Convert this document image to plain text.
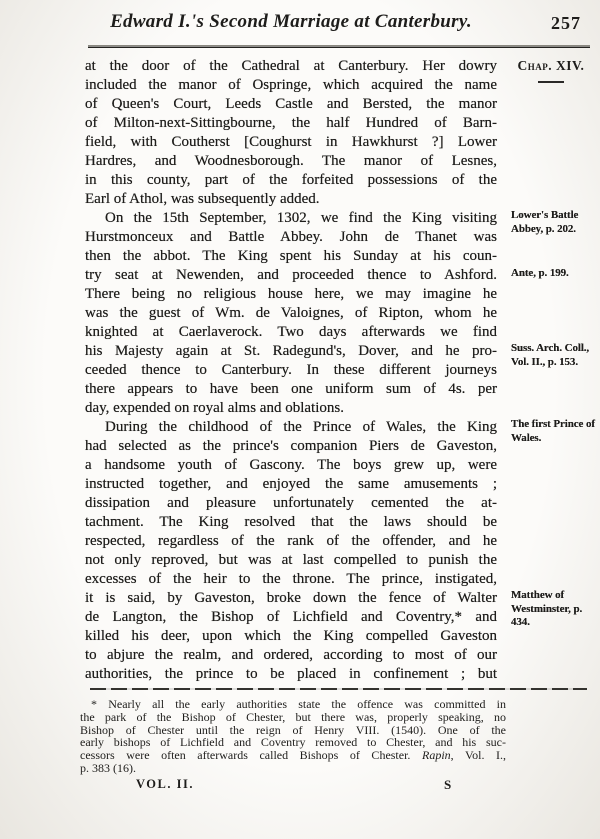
Edward I.'s Second Marriage at Canterbury.	257
at the door of the Cathedral at Canterbury. Her dowry
included the manor of Ospringe, which acquired the name
of Queen's Court, Leeds Castle and Bersted, the manor
of Milton-next-Sittingbourne, the half Hundred of Barn-
field, with Coutherst [Coughurst in Hawkhurst ?] Lower
Hardres, and Woodnesborough. The manor of Lesnes,
in this county, part of the forfeited possessions of the
Earl of Athol, was subsequently added.
On the 15th September, 1302, we find the King visiting
Hurstmonceux and Battle Abbey. John de Thanet was
then the abbot. The King spent his Sunday at his coun-
try seat at Newenden, and proceeded thence to Ashford.
There being no religious house here, we may imagine he
was the guest of Wm. de Valoignes, of Ripton, whom he
knighted at Caerlaverock. Two days afterwards we find
his Majesty again at St. Radegund's, Dover, and he pro-
ceeded thence to Canterbury. In these different journeys
there appears to have been one uniform sum of 4s. per
day, expended on royal alms and oblations.
During the childhood of the Prince of Wales, the King
had selected as the prince's companion Piers de Gaveston,
a handsome youth of Gascony. The boys grew up, were
instructed together, and enjoyed the same amusements ;
dissipation and pleasure unfortunately cemented the at-
tachment. The King resolved that the laws should be
respected, regardless of the rank of the offender, and he
not only reproved, but was at last compelled to punish the
excesses of the heir to the throne. The prince, instigated,
it is said, by Gaveston, broke down the fence of Walter
de Langton, the Bishop of Lichfield and Coventry,* and
killed his deer, upon which the King compelled Gaveston
to abjure the realm, and ordered, according to most of our
authorities, the prince to be placed in confinement ; but
Chap. XIV.
Lower's Battle Abbey, p. 202.
Ante, p. 199.
Suss. Arch. Coll., Vol. II., p. 153.
The first Prince of Wales.
Matthew of Westminster, p. 434.
* Nearly all the early authorities state the offence was committed in
the park of the Bishop of Chester, but there was, properly speaking, no
Bishop of Chester until the reign of Henry VIII. (1540). One of the
early bishops of Lichfield and Coventry removed to Chester, and his suc-
cessors were often afterwards called Bishops of Chester. Rapin, Vol. I.,
p. 383 (16).
VOL. II.	S
